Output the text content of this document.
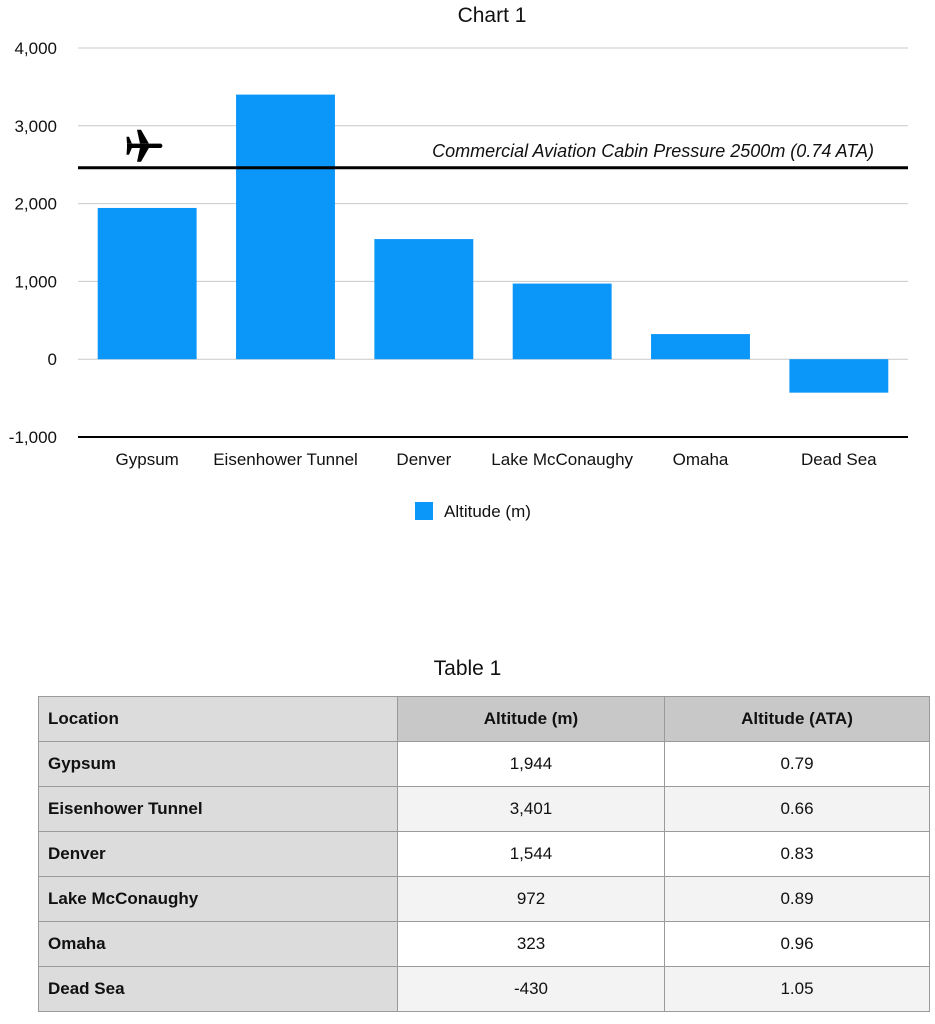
Chart 1
Commercial Aviation Cabin Pressure 2500m (0.74 ATA)
-1,000
0
1,000
2,000
3,000
4,000
Gypsum Eisenhower Tunnel Denver Lake McConaughy Omaha	Dead Sea
Altitude (m)
Table 1
Location	Altitude (m)	Altitude (ATA)
Gypsum	1,944	0.79
Eisenhower Tunnel	3,401	0.66
Denver	1,544	0.83
Lake McConaughy	972	0.89
Omaha	323	0.96
Dead Sea	-430	1.05
